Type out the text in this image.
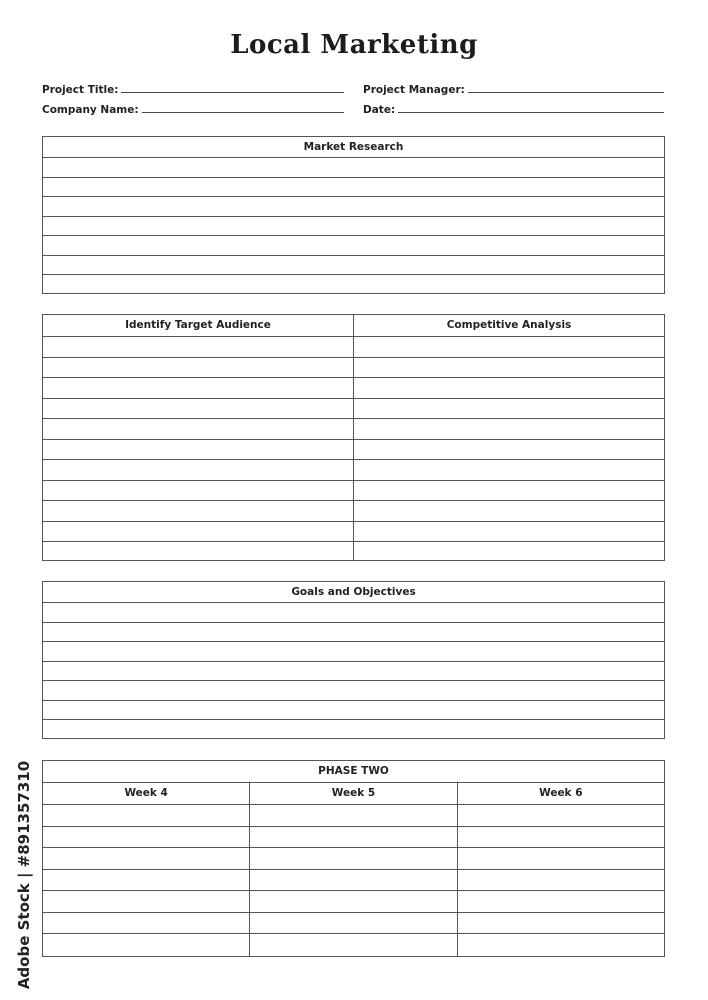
Local Marketing
Project Title:
Company Name:
Project Manager:
Date:
Market Research
Identify Target Audience	Competitive Analysis
Goals and Objectives
PHASE TWO
Week 4	Week 5	Week 6
Adobe Stock | #891357310
